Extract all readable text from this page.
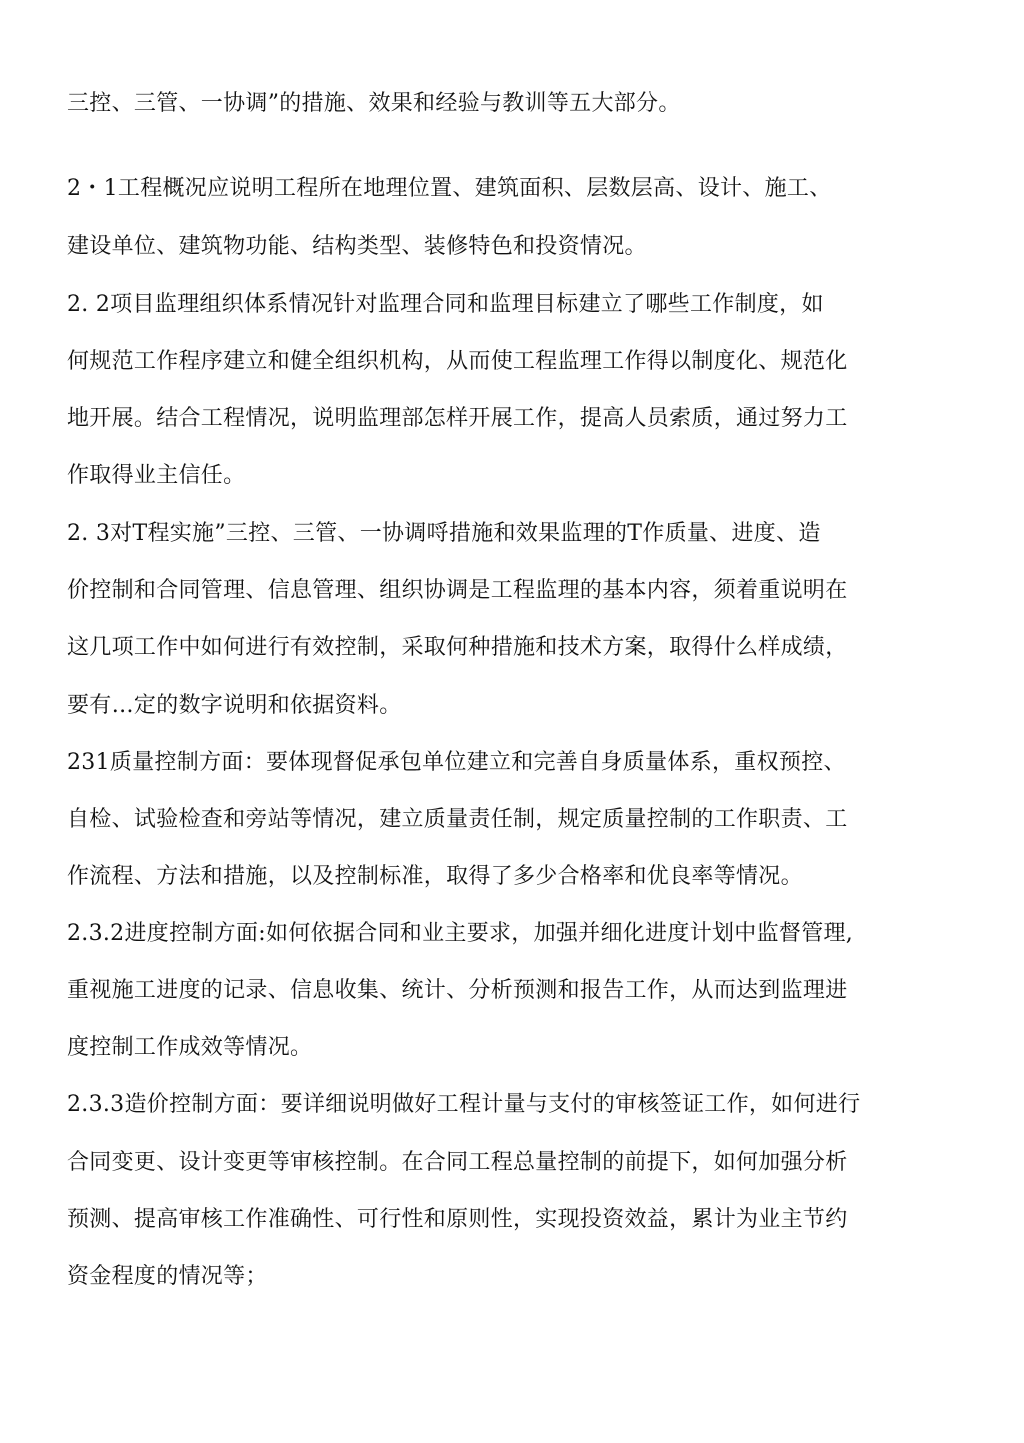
三控、三管、一协调”的措施、效果和经验与教训等五大部分。
2・1工程概况应说明工程所在地理位置、建筑面积、层数层高、设计、施工、
建设单位、建筑物功能、结构类型、装修特色和投资情况。
2. 2项目监理组织体系情况针对监理合同和监理目标建立了哪些工作制度，如
何规范工作程序建立和健全组织机构，从而使工程监理工作得以制度化、规范化
地开展。结合工程情况，说明监理部怎样开展工作，提高人员索质，通过努力工
作取得业主信任。
2. 3对T程实施”三控、三管、一协调哷措施和效果监理的T作质量、进度、造
价控制和合同管理、信息管理、组织协调是工程监理的基本内容，须着重说明在
这几项工作中如何进行有效控制，采取何种措施和技术方案，取得什么样成绩，
要有…定的数字说明和依据资料。
231质量控制方面：要体现督促承包单位建立和完善自身质量体系，重权预控、
自检、试验检查和旁站等情况，建立质量责任制，规定质量控制的工作职责、工
作流程、方法和措施，以及控制标准，取得了多少合格率和优良率等情况。
2.3.2进度控制方面:如何依据合同和业主要求，加强并细化进度计划中监督管理,
重视施工进度的记录、信息收集、统计、分析预测和报告工作，从而达到监理进
度控制工作成效等情况。
2.3.3造价控制方面：要详细说明做好工程计量与支付的审核签证工作，如何进行
合同变更、设计变更等审核控制。在合同工程总量控制的前提下，如何加强分析
预测、提高审核工作准确性、可行性和原则性，实现投资效益，累计为业主节约
资金程度的情况等；
